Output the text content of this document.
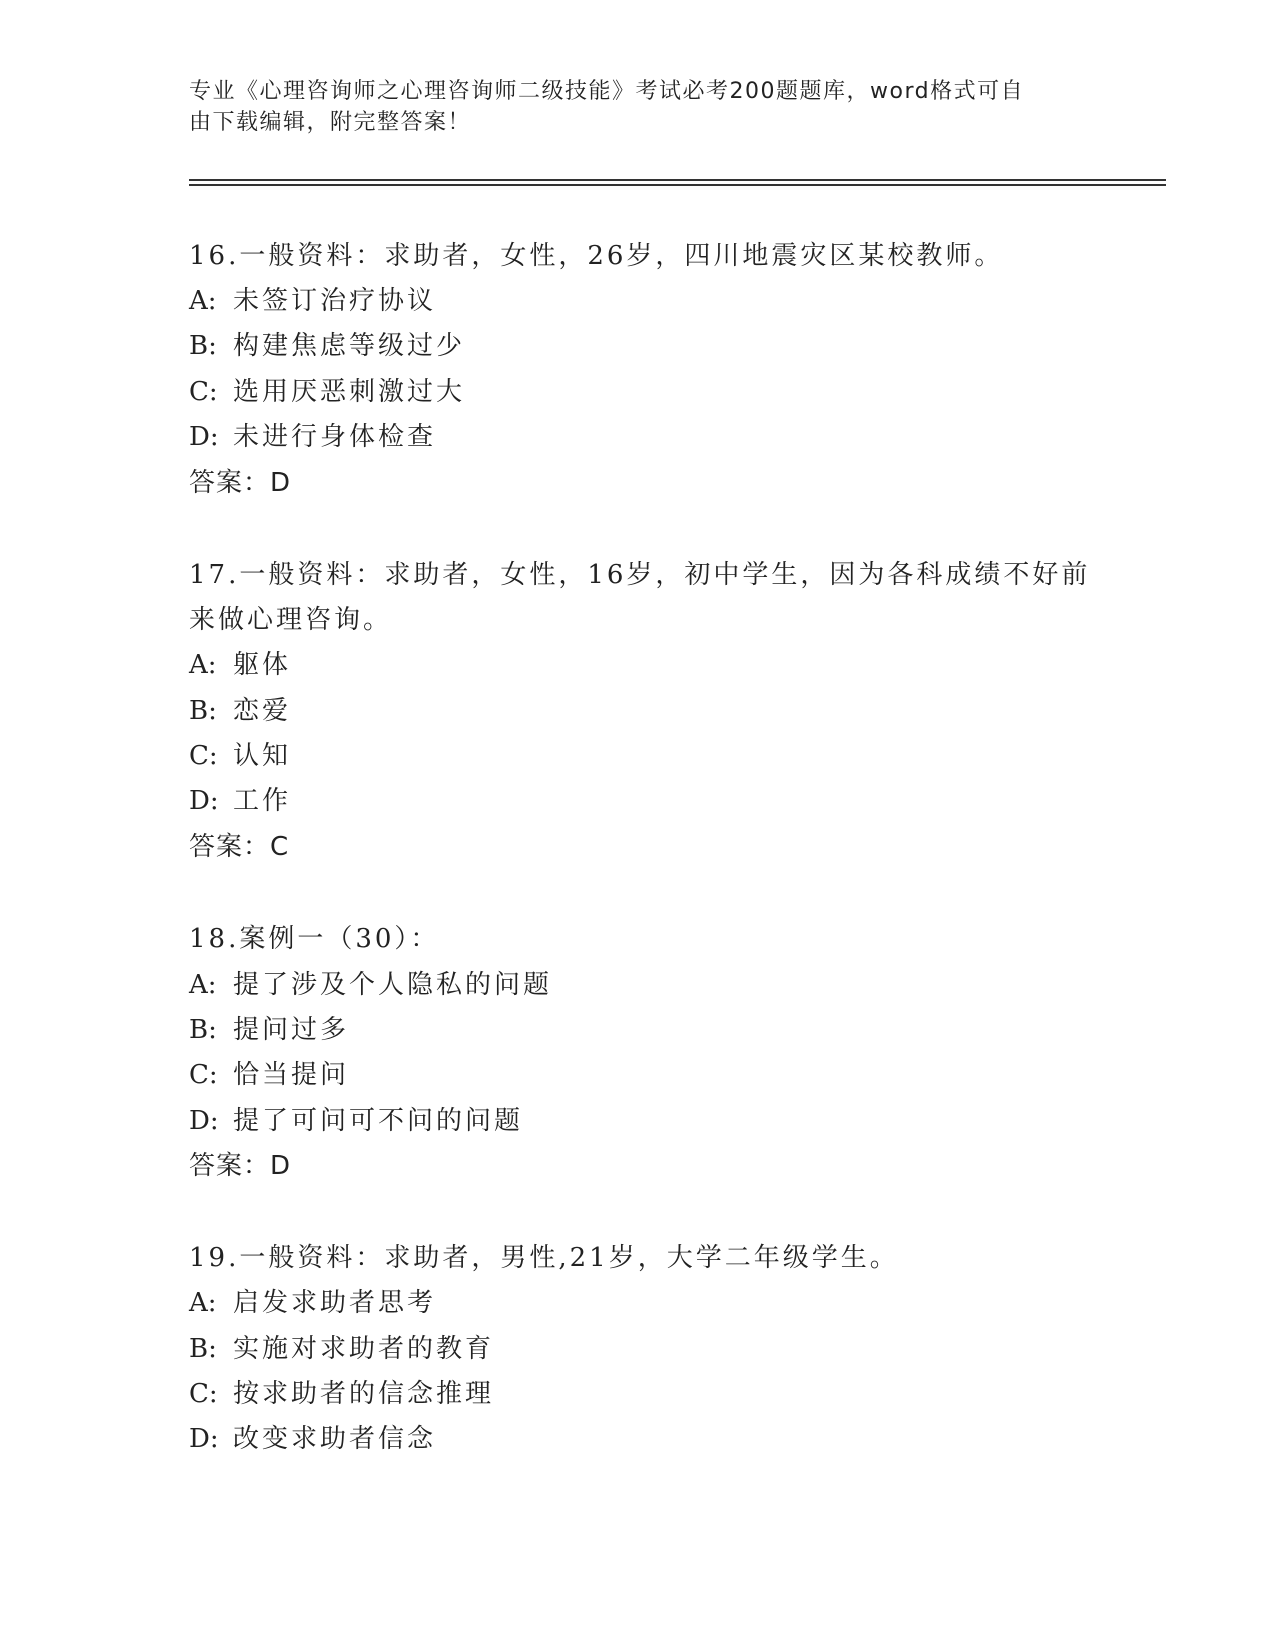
专业《心理咨询师之心理咨询师二级技能》考试必考200题题库，word格式可自
由下载编辑，附完整答案！
16.一般资料：求助者，女性，26岁，四川地震灾区某校教师。
A: 未签订治疗协议
B: 构建焦虑等级过少
C: 选用厌恶刺激过大
D: 未进行身体检查
答案：D
17.一般资料：求助者，女性，16岁，初中学生，因为各科成绩不好前
来做心理咨询。
A: 躯体
B: 恋爱
C: 认知
D: 工作
答案：C
18.案例一（30）：
A: 提了涉及个人隐私的问题
B: 提问过多
C: 恰当提问
D: 提了可问可不问的问题
答案：D
19.一般资料：求助者，男性,21岁，大学二年级学生。
A: 启发求助者思考
B: 实施对求助者的教育
C: 按求助者的信念推理
D: 改变求助者信念
